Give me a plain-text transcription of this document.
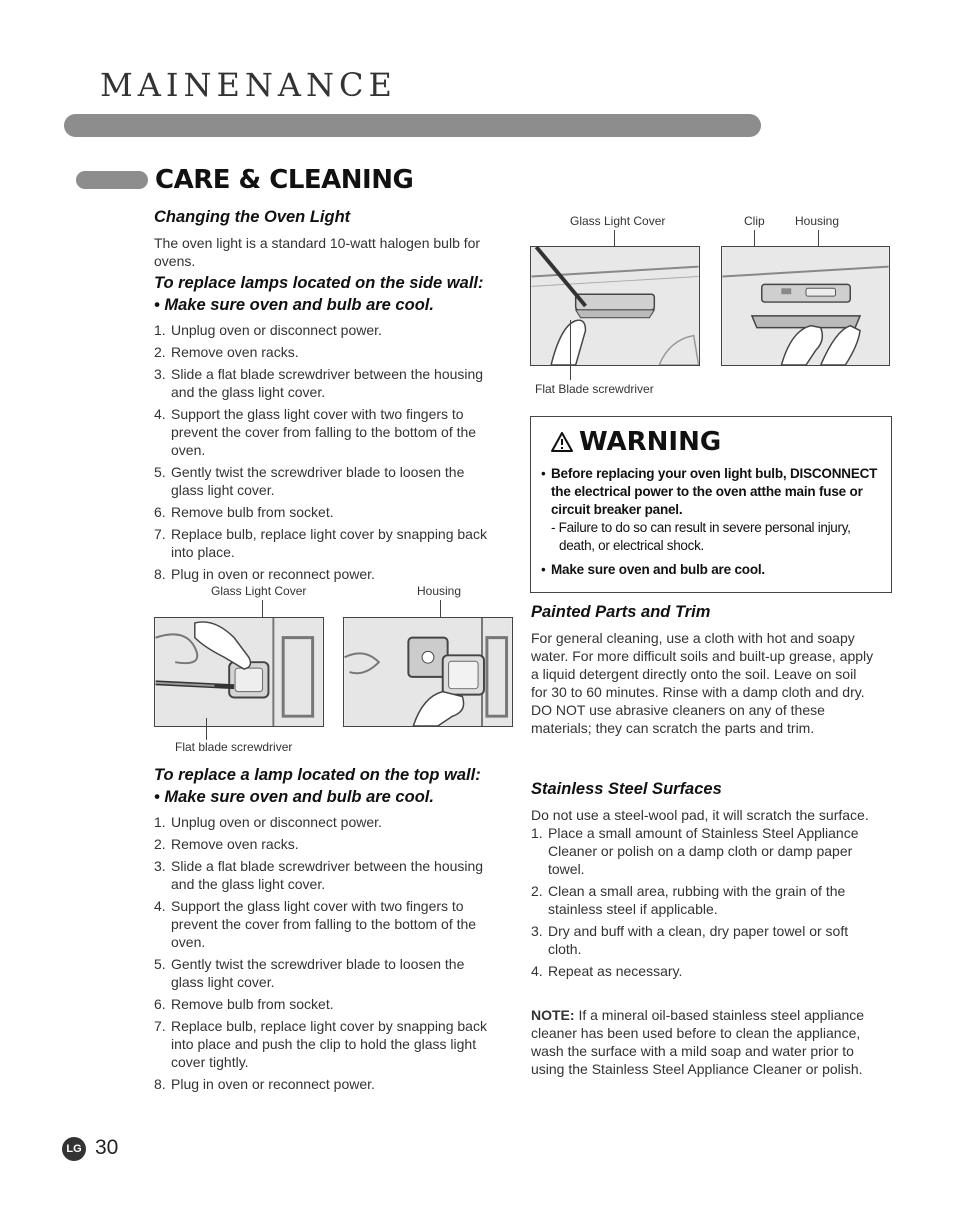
MAINENANCE
CARE & CLEANING
Changing the Oven Light
The oven light is a standard 10-watt halogen bulb for ovens.
To replace lamps located on the side wall:
• Make sure oven and bulb are cool.
1. Unplug oven or disconnect power.
2. Remove oven racks.
3. Slide a flat blade screwdriver between the housing and the glass light cover.
4. Support the glass light cover with two fingers to prevent the cover from falling to the bottom of the oven.
5. Gently twist the screwdriver blade to loosen the glass light cover.
6. Remove bulb from socket.
7. Replace bulb, replace light cover by snapping back into place.
8. Plug in oven or reconnect power.
Glass Light Cover	Housing
Flat blade screwdriver
To replace a lamp located on the top wall:
• Make sure oven and bulb are cool.
1. Unplug oven or disconnect power.
2. Remove oven racks.
3. Slide a flat blade screwdriver between the housing and the glass light cover.
4. Support the glass light cover with two fingers to prevent the cover from falling to the bottom of the oven.
5. Gently twist the screwdriver blade to loosen the glass light cover.
6. Remove bulb from socket.
7. Replace bulb, replace light cover by snapping back into place and push the clip to hold the glass light cover tightly.
8. Plug in oven or reconnect power.
Glass Light Cover	Clip	Housing
Flat Blade screwdriver
WARNING
• Before replacing your oven light bulb, DISCONNECT the electrical power to the oven atthe main fuse or circuit breaker panel.
- Failure to do so can result in severe personal injury, death, or electrical shock.
• Make sure oven and bulb are cool.
Painted Parts and Trim
For general cleaning, use a cloth with hot and soapy water. For more difficult soils and built-up grease, apply a liquid detergent directly onto the soil. Leave on soil for 30 to 60 minutes. Rinse with a damp cloth and dry. DO NOT use abrasive cleaners on any of these materials; they can scratch the parts and trim.
Stainless Steel Surfaces
Do not use a steel-wool pad, it will scratch the surface.
1. Place a small amount of Stainless Steel Appliance Cleaner or polish on a damp cloth or damp paper towel.
2. Clean a small area, rubbing with the grain of the stainless steel if applicable.
3. Dry and buff with a clean, dry paper towel or soft cloth.
4. Repeat as necessary.
NOTE: If a mineral oil-based stainless steel appliance cleaner has been used before to clean the appliance, wash the surface with a mild soap and water prior to using the Stainless Steel Appliance Cleaner or polish.
LG 30
